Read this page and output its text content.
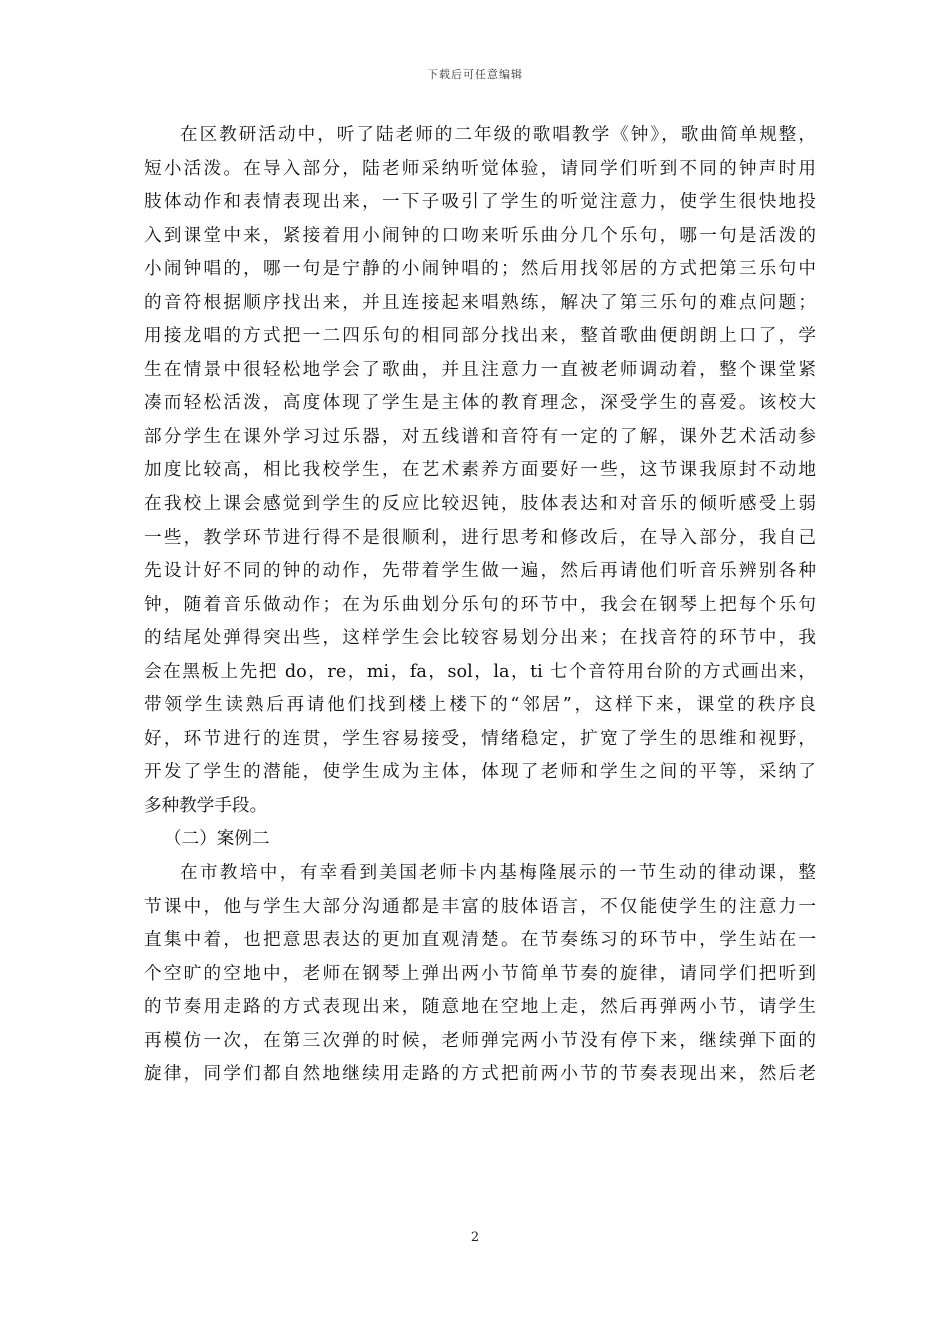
下载后可任意编辑
在区教研活动中，听了陆老师的二年级的歌唱教学《钟》，歌曲简单规整，
短小活泼。在导入部分，陆老师采纳听觉体验，请同学们听到不同的钟声时用
肢体动作和表情表现出来，一下子吸引了学生的听觉注意力，使学生很快地投
入到课堂中来，紧接着用小闹钟的口吻来听乐曲分几个乐句，哪一句是活泼的
小闹钟唱的，哪一句是宁静的小闹钟唱的；然后用找邻居的方式把第三乐句中
的音符根据顺序找出来，并且连接起来唱熟练，解决了第三乐句的难点问题；
用接龙唱的方式把一二四乐句的相同部分找出来，整首歌曲便朗朗上口了，学
生在情景中很轻松地学会了歌曲，并且注意力一直被老师调动着，整个课堂紧
凑而轻松活泼，高度体现了学生是主体的教育理念，深受学生的喜爱。该校大
部分学生在课外学习过乐器，对五线谱和音符有一定的了解，课外艺术活动参
加度比较高，相比我校学生，在艺术素养方面要好一些，这节课我原封不动地
在我校上课会感觉到学生的反应比较迟钝，肢体表达和对音乐的倾听感受上弱
一些，教学环节进行得不是很顺利，进行思考和修改后，在导入部分，我自己
先设计好不同的钟的动作，先带着学生做一遍，然后再请他们听音乐辨别各种
钟，随着音乐做动作；在为乐曲划分乐句的环节中，我会在钢琴上把每个乐句
的结尾处弹得突出些，这样学生会比较容易划分出来；在找音符的环节中，我
会在黑板上先把 do，re，mi，fa，sol，la，ti 七个音符用台阶的方式画出来，
带领学生读熟后再请他们找到楼上楼下的“邻居”，这样下来，课堂的秩序良
好，环节进行的连贯，学生容易接受，情绪稳定，扩宽了学生的思维和视野，
开发了学生的潜能，使学生成为主体，体现了老师和学生之间的平等，采纳了
多种教学手段。
（二）案例二
在市教培中，有幸看到美国老师卡内基梅隆展示的一节生动的律动课，整
节课中，他与学生大部分沟通都是丰富的肢体语言，不仅能使学生的注意力一
直集中着，也把意思表达的更加直观清楚。在节奏练习的环节中，学生站在一
个空旷的空地中，老师在钢琴上弹出两小节简单节奏的旋律，请同学们把听到
的节奏用走路的方式表现出来，随意地在空地上走，然后再弹两小节，请学生
再模仿一次，在第三次弹的时候，老师弹完两小节没有停下来，继续弹下面的
旋律，同学们都自然地继续用走路的方式把前两小节的节奏表现出来，然后老
2
